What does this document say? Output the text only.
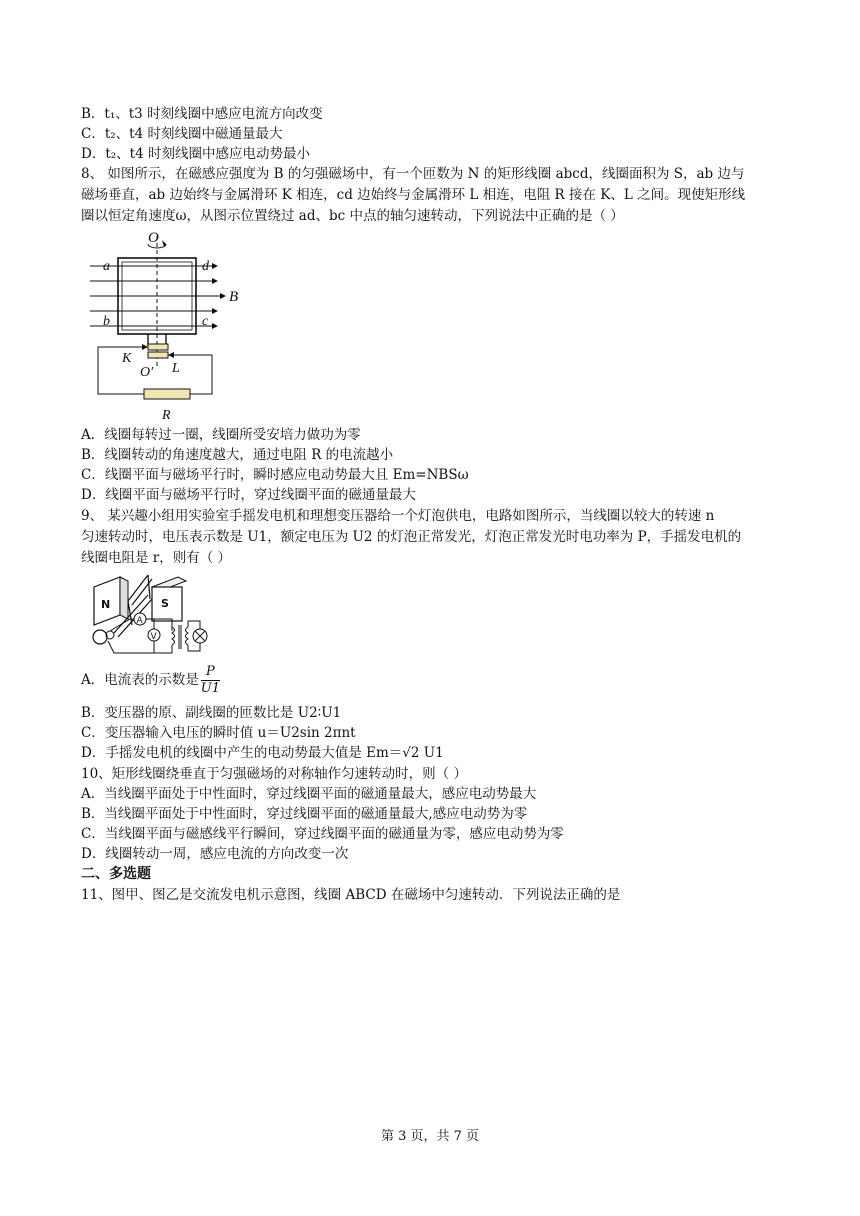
B．t₁、t3 时刻线圈中感应电流方向改变
C．t₂、t4 时刻线圈中磁通量最大
D．t₂、t4 时刻线圈中感应电动势最小
8、 如图所示，在磁感应强度为 B 的匀强磁场中，有一个匝数为 N 的矩形线圈 abcd，线圈面积为 S，ab 边与
磁场垂直，ab 边始终与金属滑环 K 相连，cd 边始终与金属滑环 L 相连，电阻 R 接在 K、L 之间。现使矩形线
圈以恒定角速度ω，从图示位置绕过 ad、bc 中点的轴匀速转动，下列说法中正确的是（ ）
O
a	d
B
b	c
K
L
O′
R
A．线圈每转过一圈，线圈所受安培力做功为零
B．线圈转动的角速度越大，通过电阻 R 的电流越小
C．线圈平面与磁场平行时，瞬时感应电动势最大且 Em=NBSω
D．线圈平面与磁场平行时，穿过线圈平面的磁通量最大
9、 某兴趣小组用实验室手摇发电机和理想变压器给一个灯泡供电，电路如图所示，当线圈以较大的转速 n
匀速转动时，电压表示数是 U1，额定电压为 U2 的灯泡正常发光，灯泡正常发光时电功率为 P，手摇发电机的
线圈电阻是 r，则有（ ）
N	S
A
V
A．电流表的示数是 $\frac{P}{U1}$
B．变压器的原、副线圈的匝数比是 U2∶U1
C．变压器输入电压的瞬时值 u＝U2sin 2πnt
D．手摇发电机的线圈中产生的电动势最大值是 Em＝√2 U1
10、矩形线圈绕垂直于匀强磁场的对称轴作匀速转动时，则（ ）
A．当线圈平面处于中性面时，穿过线圈平面的磁通量最大，感应电动势最大
B．当线圈平面处于中性面时，穿过线圈平面的磁通量最大,感应电动势为零
C．当线圈平面与磁感线平行瞬间，穿过线圈平面的磁通量为零，感应电动势为零
D．线圈转动一周，感应电流的方向改变一次
二、多选题
11、图甲、图乙是交流发电机示意图，线圈 ABCD 在磁场中匀速转动．下列说法正确的是
第 3 页，共 7 页
